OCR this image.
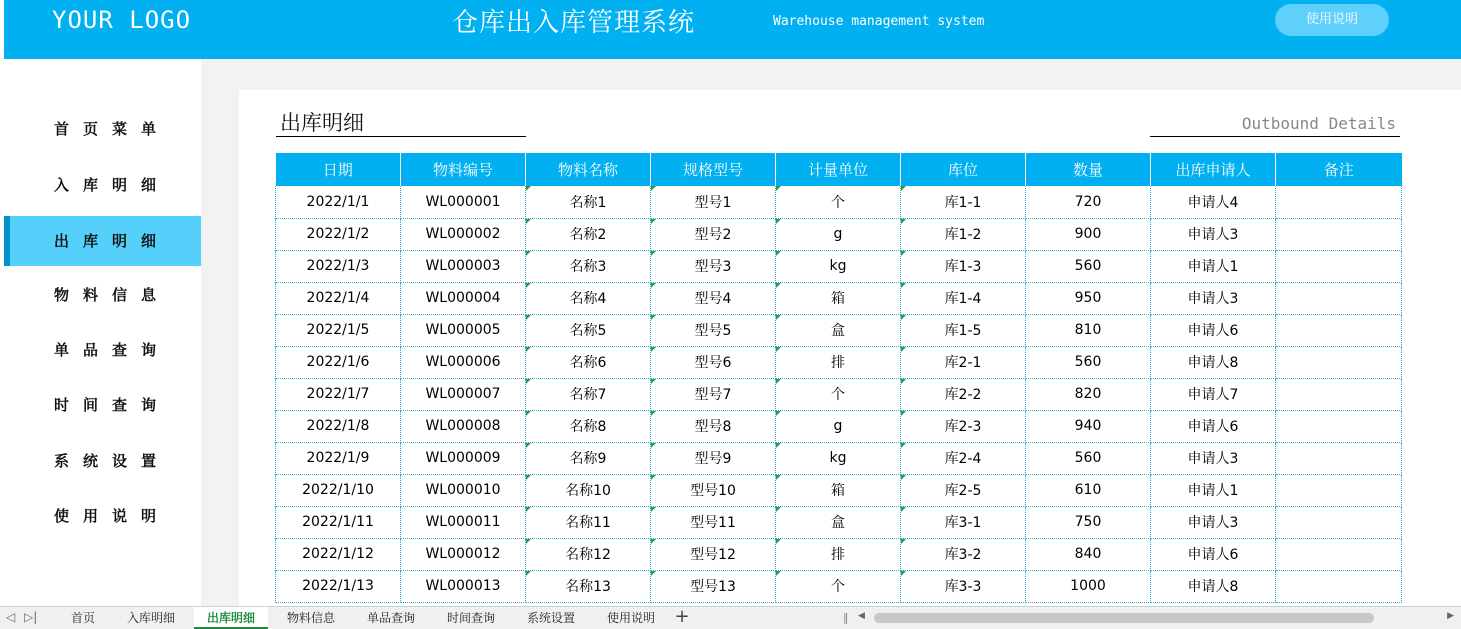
YOUR LOGO	仓库出入库管理系统	Warehouse management system	使用说明
首页菜单
入库明细
出库明细
物料信息
单品查询
时间查询
系统设置
使用说明
出库明细	Outbound Details
日期	物料编号	物料名称	规格型号	计量单位	库位	数量	出库申请人	备注
2022/1/1	WL000001	名称1	型号1	个	库1-1	720	申请人4	
2022/1/2	WL000002	名称2	型号2	g	库1-2	900	申请人3	
2022/1/3	WL000003	名称3	型号3	kg	库1-3	560	申请人1	
2022/1/4	WL000004	名称4	型号4	箱	库1-4	950	申请人3	
2022/1/5	WL000005	名称5	型号5	盒	库1-5	810	申请人6	
2022/1/6	WL000006	名称6	型号6	排	库2-1	560	申请人8	
2022/1/7	WL000007	名称7	型号7	个	库2-2	820	申请人7	
2022/1/8	WL000008	名称8	型号8	g	库2-3	940	申请人6	
2022/1/9	WL000009	名称9	型号9	kg	库2-4	560	申请人3	
2022/1/10	WL000010	名称10	型号10	箱	库2-5	610	申请人1	
2022/1/11	WL000011	名称11	型号11	盒	库3-1	750	申请人3	
2022/1/12	WL000012	名称12	型号12	排	库3-2	840	申请人6	
2022/1/13	WL000013	名称13	型号13	个	库3-3	1000	申请人8	
◁ ▷|	首页	入库明细	出库明细	物料信息	单品查询	时间查询	系统设置	使用说明	+	‖ ◀	▶
